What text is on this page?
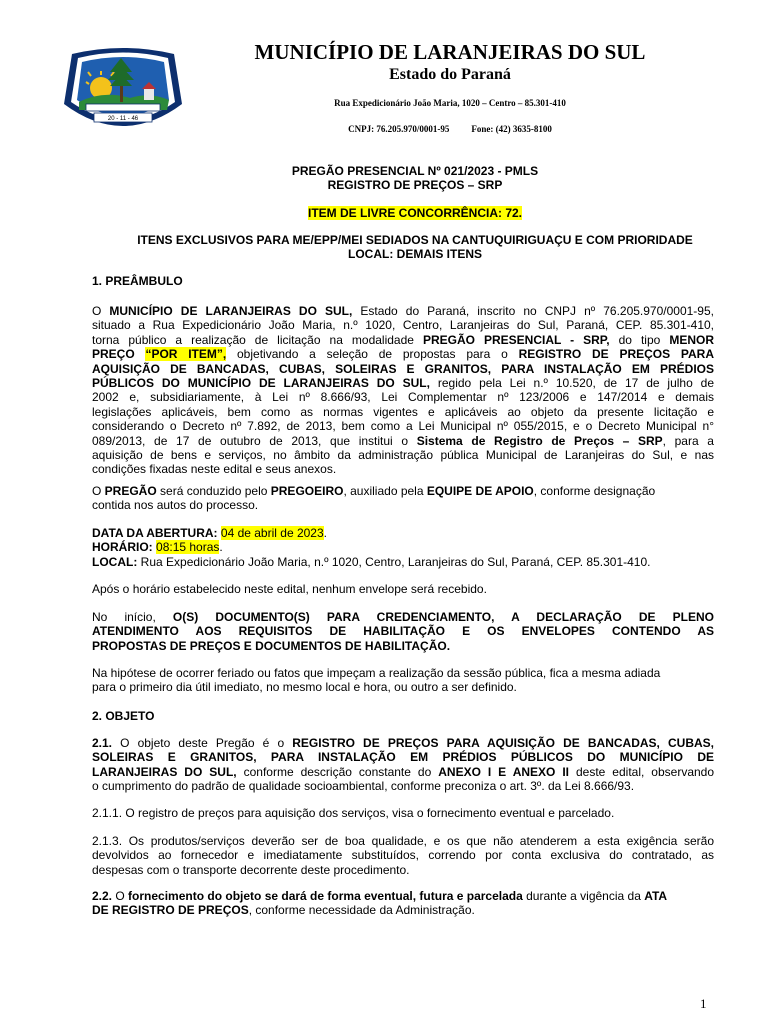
20 - 11 - 46
MUNICÍPIO DE LARANJEIRAS DO SUL
Estado do Paraná
Rua Expedicionário João Maria, 1020 – Centro – 85.301-410
CNPJ: 76.205.970/0001-95 Fone: (42) 3635-8100
PREGÃO PRESENCIAL Nº 021/2023 - PMLS
REGISTRO DE PREÇOS – SRP
ITEM DE LIVRE CONCORRÊNCIA: 72.
ITENS EXCLUSIVOS PARA ME/EPP/MEI SEDIADOS NA CANTUQUIRIGUAÇU E COM PRIORIDADE
LOCAL: DEMAIS ITENS
1. PREÂMBULO
O MUNICÍPIO DE LARANJEIRAS DO SUL, Estado do Paraná, inscrito no CNPJ nº 76.205.970/0001-95,
situado a Rua Expedicionário João Maria, n.º 1020, Centro, Laranjeiras do Sul, Paraná, CEP. 85.301-410,
torna público a realização de licitação na modalidade PREGÃO PRESENCIAL - SRP, do tipo MENOR
PREÇO “POR ITEM”, objetivando a seleção de propostas para o REGISTRO DE PREÇOS PARA
AQUISIÇÃO DE BANCADAS, CUBAS, SOLEIRAS E GRANITOS, PARA INSTALAÇÃO EM PRÉDIOS
PÚBLICOS DO MUNICÍPIO DE LARANJEIRAS DO SUL, regido pela Lei n.º 10.520, de 17 de julho de
2002 e, subsidiariamente, à Lei nº 8.666/93, Lei Complementar nº 123/2006 e 147/2014 e demais
legislações aplicáveis, bem como as normas vigentes e aplicáveis ao objeto da presente licitação e
considerando o Decreto nº 7.892, de 2013, bem como a Lei Municipal nº 055/2015, e o Decreto Municipal n°
089/2013, de 17 de outubro de 2013, que institui o Sistema de Registro de Preços – SRP, para a
aquisição de bens e serviços, no âmbito da administração pública Municipal de Laranjeiras do Sul, e nas
condições fixadas neste edital e seus anexos.
O PREGÃO será conduzido pelo PREGOEIRO, auxiliado pela EQUIPE DE APOIO, conforme designação
contida nos autos do processo.
DATA DA ABERTURA: 04 de abril de 2023.
HORÁRIO: 08:15 horas.
LOCAL: Rua Expedicionário João Maria, n.º 1020, Centro, Laranjeiras do Sul, Paraná, CEP. 85.301-410.
Após o horário estabelecido neste edital, nenhum envelope será recebido.
No início, O(S) DOCUMENTO(S) PARA CREDENCIAMENTO, A DECLARAÇÃO DE PLENO
ATENDIMENTO AOS REQUISITOS DE HABILITAÇÃO E OS ENVELOPES CONTENDO AS
PROPOSTAS DE PREÇOS E DOCUMENTOS DE HABILITAÇÃO.
Na hipótese de ocorrer feriado ou fatos que impeçam a realização da sessão pública, fica a mesma adiada
para o primeiro dia útil imediato, no mesmo local e hora, ou outro a ser definido.
2. OBJETO
2.1. O objeto deste Pregão é o REGISTRO DE PREÇOS PARA AQUISIÇÃO DE BANCADAS, CUBAS,
SOLEIRAS E GRANITOS, PARA INSTALAÇÃO EM PRÉDIOS PÚBLICOS DO MUNICÍPIO DE
LARANJEIRAS DO SUL, conforme descrição constante do ANEXO I E ANEXO II deste edital, observando
o cumprimento do padrão de qualidade socioambiental, conforme preconiza o art. 3º. da Lei 8.666/93.
2.1.1. O registro de preços para aquisição dos serviços, visa o fornecimento eventual e parcelado.
2.1.3. Os produtos/serviços deverão ser de boa qualidade, e os que não atenderem a esta exigência serão
devolvidos ao fornecedor e imediatamente substituídos, correndo por conta exclusiva do contratado, as
despesas com o transporte decorrente deste procedimento.
2.2. O fornecimento do objeto se dará de forma eventual, futura e parcelada durante a vigência da ATA
DE REGISTRO DE PREÇOS, conforme necessidade da Administração.
1
